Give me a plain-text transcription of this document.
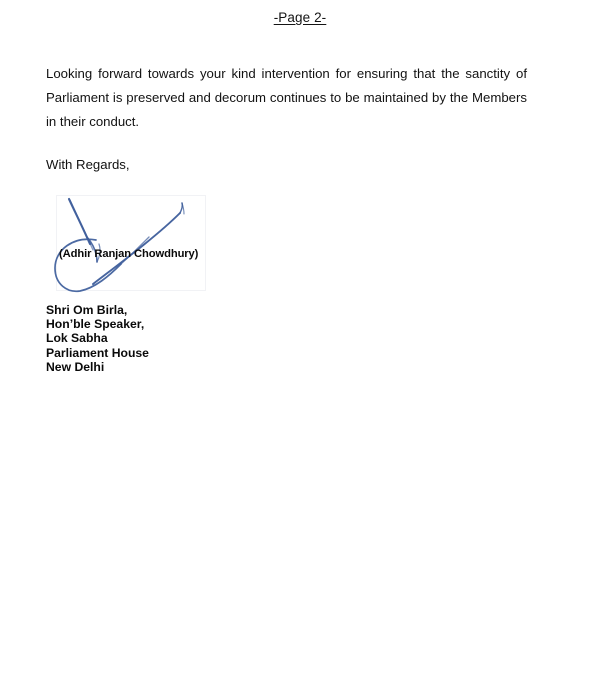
-Page 2-
Looking forward towards your kind intervention for ensuring that the sanctity of Parliament is preserved and decorum continues to be maintained by the Members in their conduct.
With Regards,
(Adhir Ranjan Chowdhury)
Shri Om Birla,
Hon’ble Speaker,
Lok Sabha
Parliament House
New Delhi
